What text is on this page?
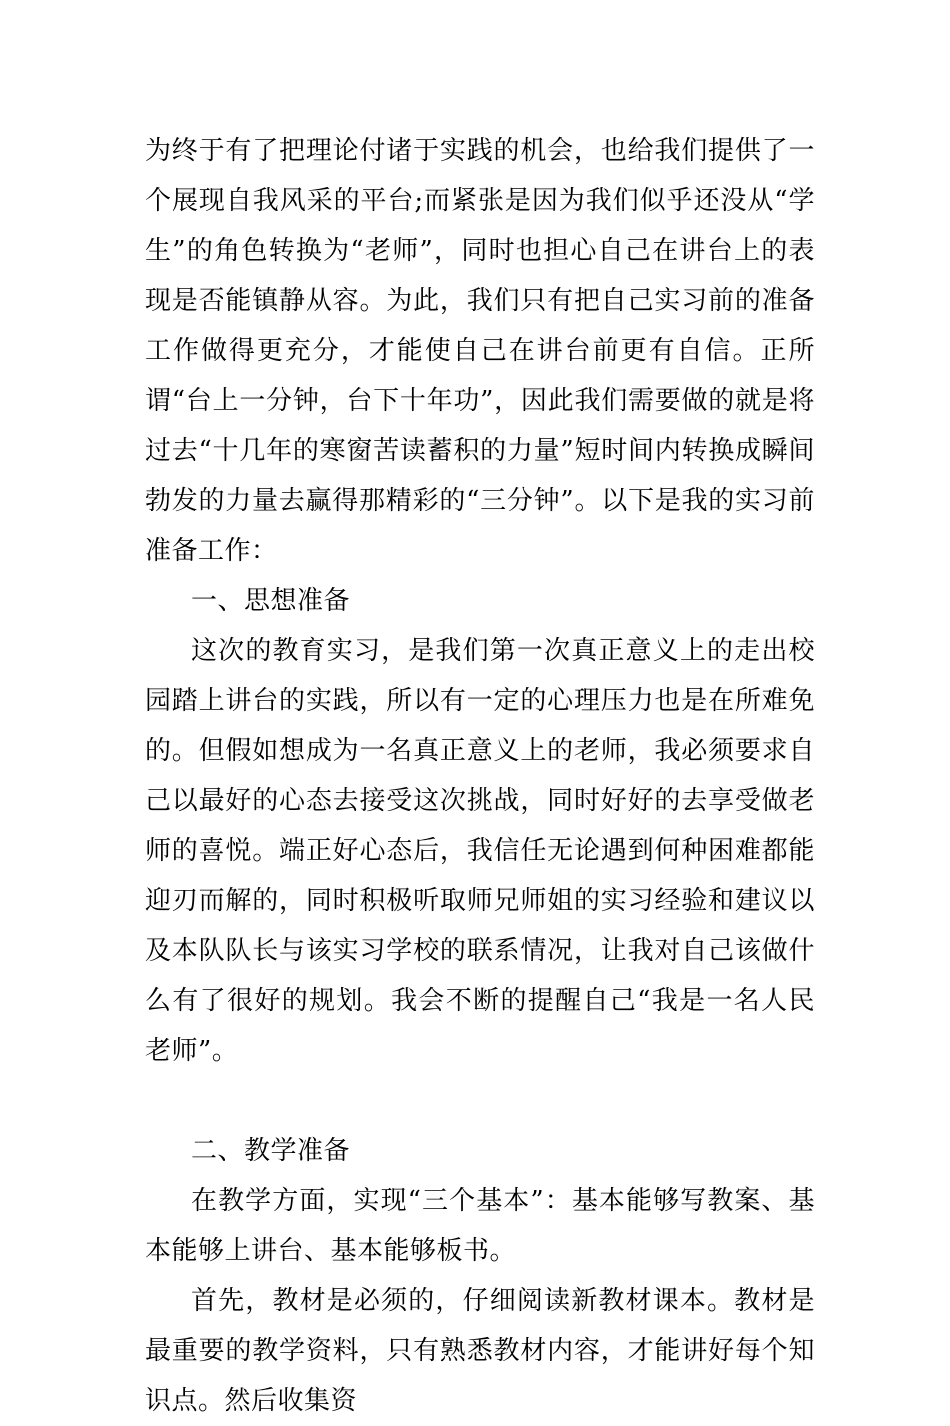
为终于有了把理论付诸于实践的机会，也给我们提供了一个展现自我风采的平台;而紧张是因为我们似乎还没从“学生”的角色转换为“老师”，同时也担心自己在讲台上的表现是否能镇静从容。为此，我们只有把自己实习前的准备工作做得更充分，才能使自己在讲台前更有自信。正所谓“台上一分钟，台下十年功”，因此我们需要做的就是将过去“十几年的寒窗苦读蓄积的力量”短时间内转换成瞬间勃发的力量去赢得那精彩的“三分钟”。以下是我的实习前准备工作：

一、思想准备

这次的教育实习，是我们第一次真正意义上的走出校园踏上讲台的实践，所以有一定的心理压力也是在所难免的。但假如想成为一名真正意义上的老师，我必须要求自己以最好的心态去接受这次挑战，同时好好的去享受做老师的喜悦。端正好心态后，我信任无论遇到何种困难都能迎刃而解的，同时积极听取师兄师姐的实习经验和建议以及本队队长与该实习学校的联系情况，让我对自己该做什么有了很好的规划。我会不断的提醒自己“我是一名人民老师”。

二、教学准备

在教学方面，实现“三个基本”：基本能够写教案、基本能够上讲台、基本能够板书。

首先，教材是必须的，仔细阅读新教材课本。教材是最重要的教学资料，只有熟悉教材内容，才能讲好每个知识点。然后收集资
